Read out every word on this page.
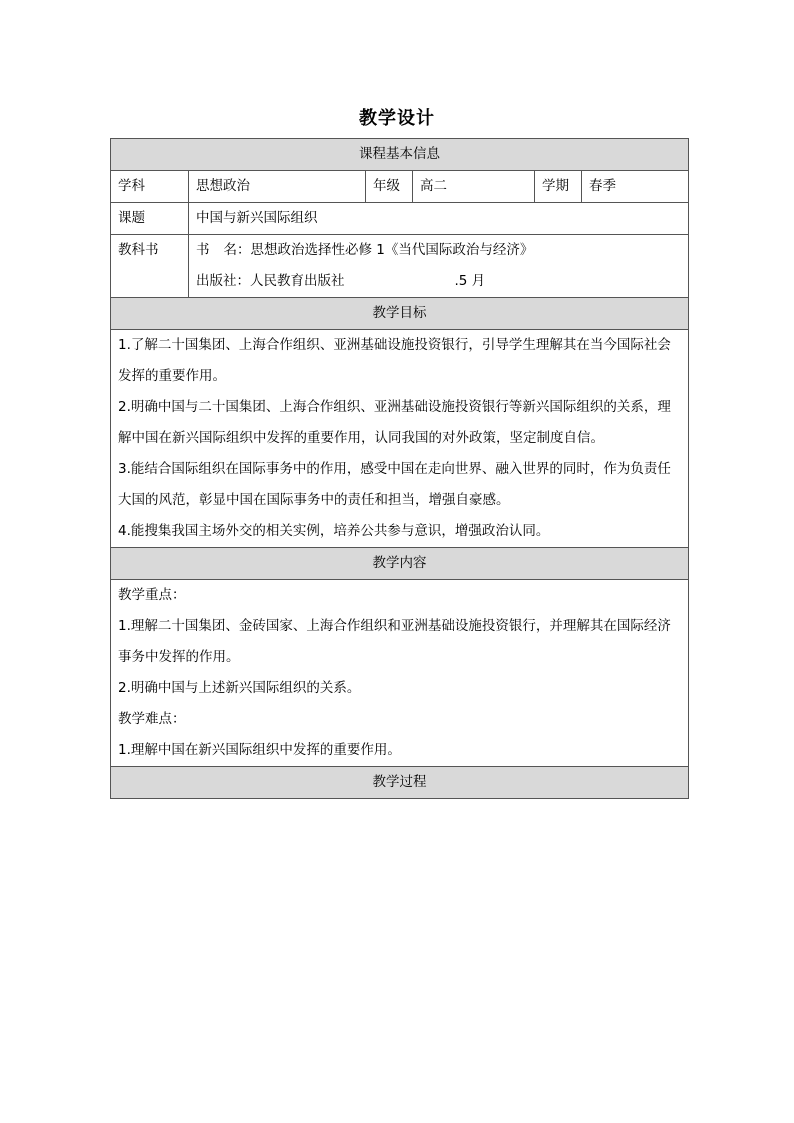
教学设计
课程基本信息					
学科	思想政治	年级	高二	学期	春季
课题	中国与新兴国际组织				
教科书	书 名：思想政治选择性必修 1《当代国际政治与经济》				
	出版社：人民教育出版社 .5 月				
教学目标					

1.了解二十国集团、上海合作组织、亚洲基础设施投资银行，引导学生理解其在当今国际社会发挥的重要作用。

2.明确中国与二十国集团、上海合作组织、亚洲基础设施投资银行等新兴国际组织的关系，理解中国在新兴国际组织中发挥的重要作用，认同我国的对外政策，坚定制度自信。

3.能结合国际组织在国际事务中的作用，感受中国在走向世界、融入世界的同时，作为负责任大国的风范，彰显中国在国际事务中的责任和担当，增强自豪感。

4.能搜集我国主场外交的相关实例，培养公共参与意识，增强政治认同。					

教学内容					

教学重点：

1.理解二十国集团、金砖国家、上海合作组织和亚洲基础设施投资银行，并理解其在国际经济事务中发挥的作用。

2.明确中国与上述新兴国际组织的关系。

教学难点：

1.理解中国在新兴国际组织中发挥的重要作用。					

教学过程					
